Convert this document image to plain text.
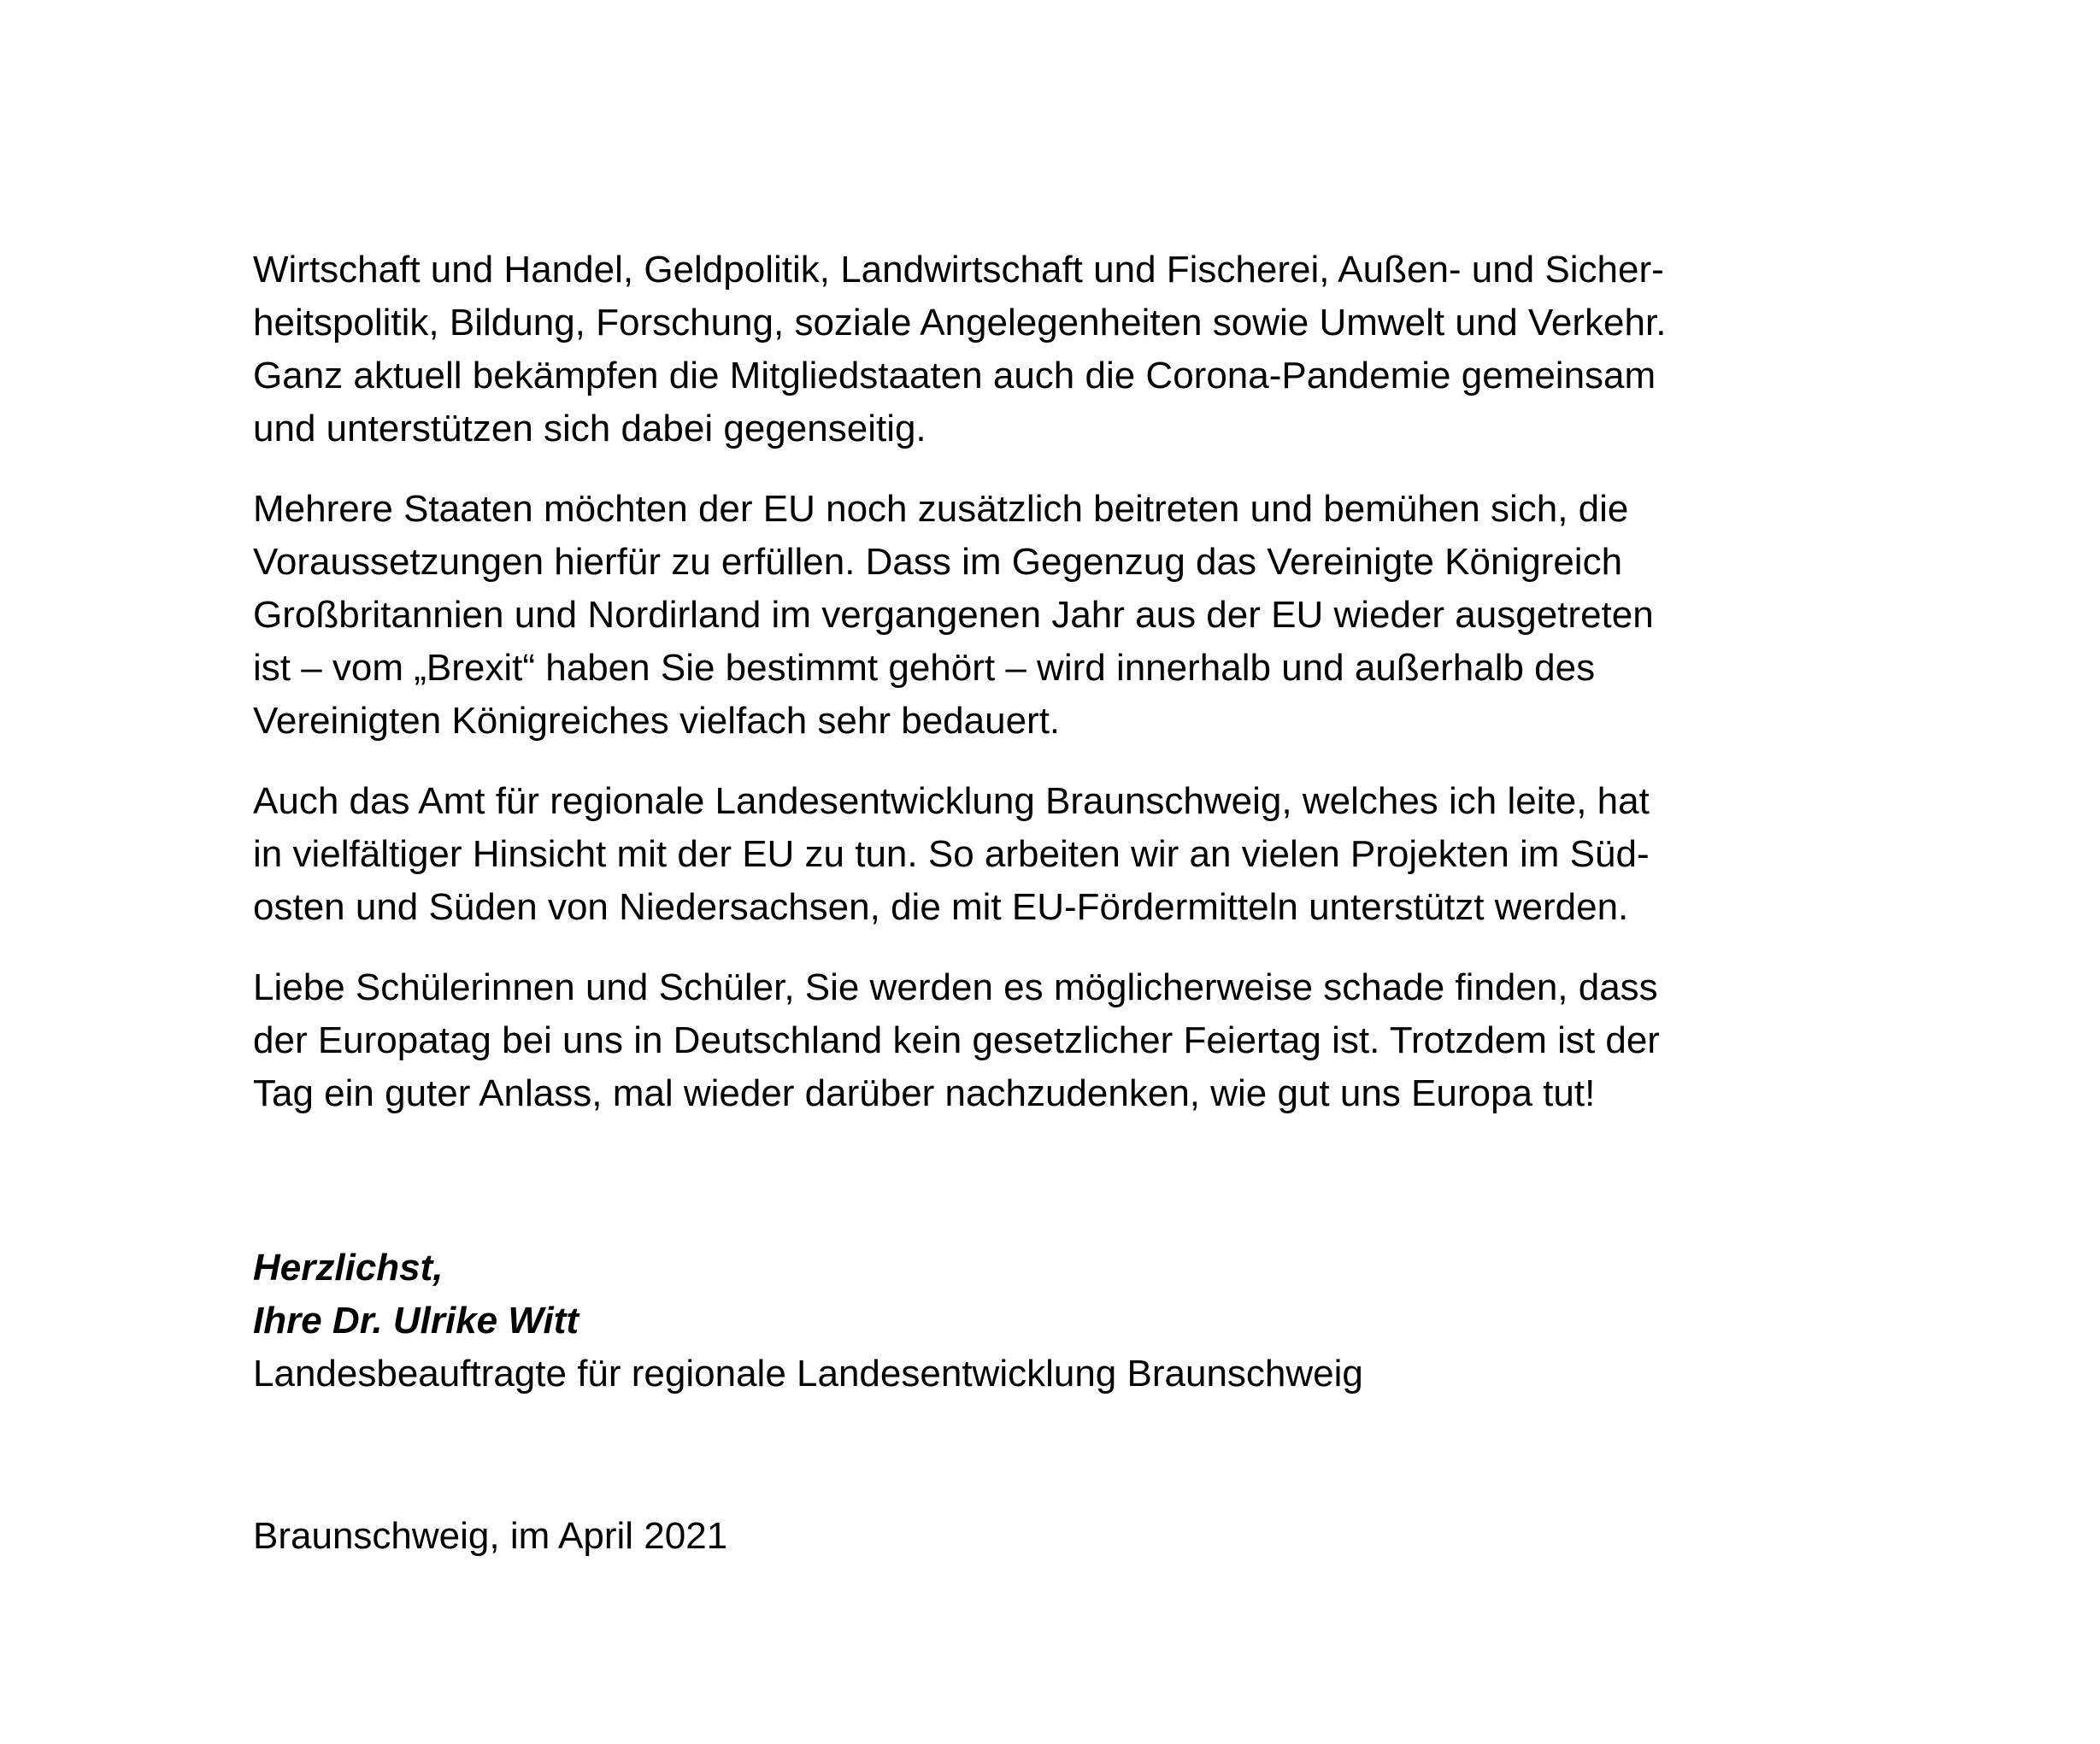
Wirtschaft und Handel, Geldpolitik, Landwirtschaft und Fischerei, Außen- und Sicher-
heitspolitik, Bildung, Forschung, soziale Angelegenheiten sowie Umwelt und Verkehr.
Ganz aktuell bekämpfen die Mitgliedstaaten auch die Corona-Pandemie gemeinsam
und unterstützen sich dabei gegenseitig.

Mehrere Staaten möchten der EU noch zusätzlich beitreten und bemühen sich, die
Voraussetzungen hierfür zu erfüllen. Dass im Gegenzug das Vereinigte Königreich
Großbritannien und Nordirland im vergangenen Jahr aus der EU wieder ausgetreten
ist – vom „Brexit“ haben Sie bestimmt gehört – wird innerhalb und außerhalb des
Vereinigten Königreiches vielfach sehr bedauert.

Auch das Amt für regionale Landesentwicklung Braunschweig, welches ich leite, hat
in vielfältiger Hinsicht mit der EU zu tun. So arbeiten wir an vielen Projekten im Süd-
osten und Süden von Niedersachsen, die mit EU-Fördermitteln unterstützt werden.

Liebe Schülerinnen und Schüler, Sie werden es möglicherweise schade finden, dass
der Europatag bei uns in Deutschland kein gesetzlicher Feiertag ist. Trotzdem ist der
Tag ein guter Anlass, mal wieder darüber nachzudenken, wie gut uns Europa tut!

Herzlichst,
Ihre Dr. Ulrike Witt
Landesbeauftragte für regionale Landesentwicklung Braunschweig
Braunschweig, im April 2021
